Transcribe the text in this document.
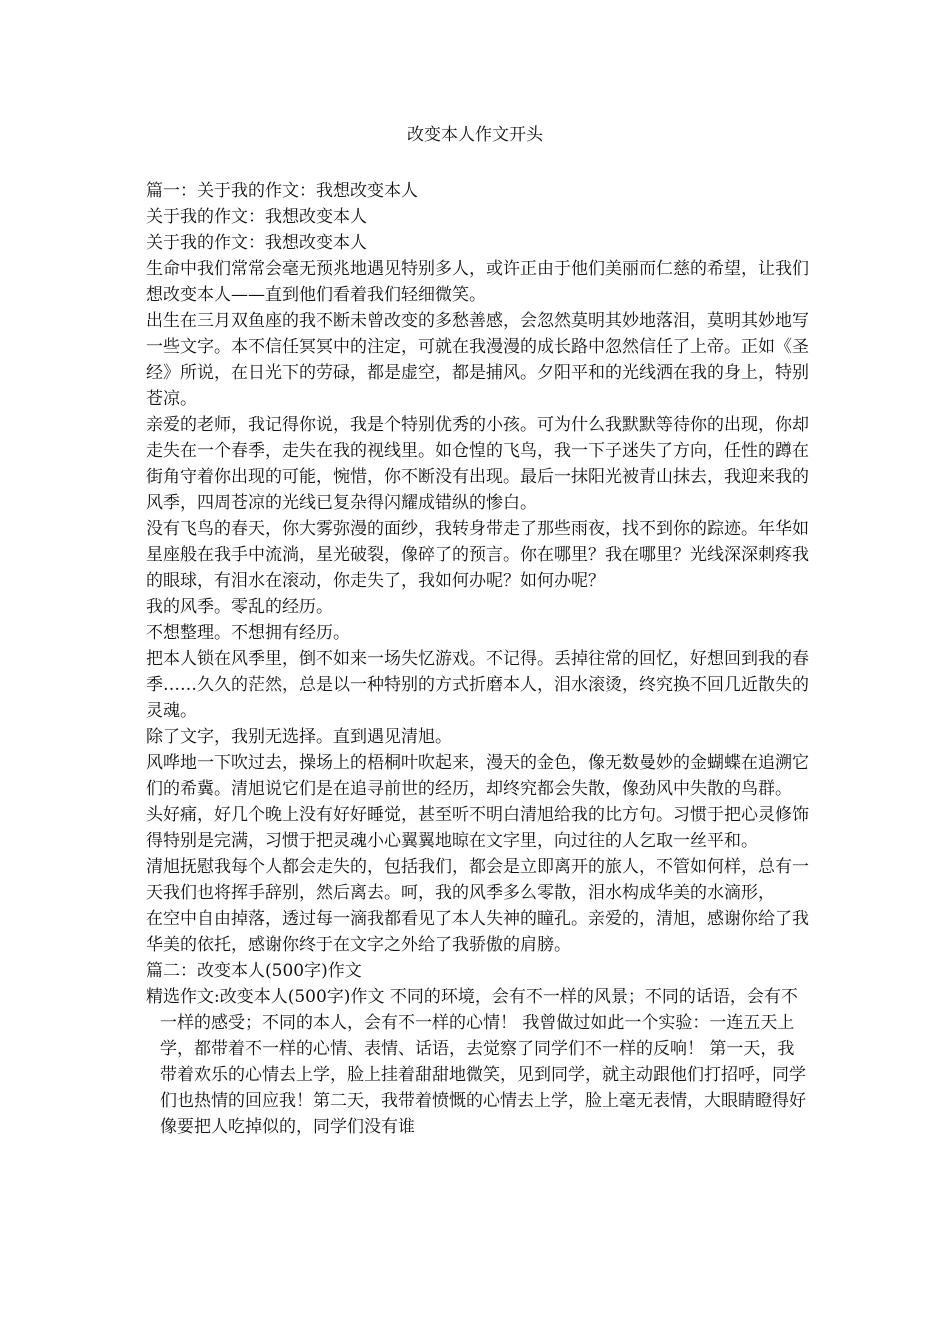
改变本人作文开头

篇一：关于我的作文：我想改变本人

关于我的作文：我想改变本人

关于我的作文：我想改变本人

生命中我们常常会毫无预兆地遇见特别多人，或许正由于他们美丽而仁慈的希望，让我们想改变本人——直到他们看着我们轻细微笑。

出生在三月双鱼座的我不断未曾改变的多愁善感，会忽然莫明其妙地落泪，莫明其妙地写一些文字。本不信任冥冥中的注定，可就在我漫漫的成长路中忽然信任了上帝。正如《圣经》所说，在日光下的劳碌，都是虚空，都是捕风。夕阳平和的光线洒在我的身上，特别苍凉。

亲爱的老师，我记得你说，我是个特别优秀的小孩。可为什么我默默等待你的出现，你却走失在一个春季，走失在我的视线里。如仓惶的飞鸟，我一下子迷失了方向，任性的蹲在街角守着你出现的可能，惋惜，你不断没有出现。最后一抹阳光被青山抹去，我迎来我的风季，四周苍凉的光线已复杂得闪耀成错纵的惨白。

没有飞鸟的春天，你大雾弥漫的面纱，我转身带走了那些雨夜，找不到你的踪迹。年华如星座般在我手中流淌，星光破裂，像碎了的预言。你在哪里？我在哪里？光线深深刺疼我的眼球，有泪水在滚动，你走失了，我如何办呢？如何办呢？

我的风季。零乱的经历。

不想整理。不想拥有经历。

把本人锁在风季里，倒不如来一场失忆游戏。不记得。丢掉往常的回忆，好想回到我的春季……久久的茫然，总是以一种特别的方式折磨本人，泪水滚烫，终究换不回几近散失的灵魂。

除了文字，我别无选择。直到遇见清旭。

风哗地一下吹过去，操场上的梧桐叶吹起来，漫天的金色，像无数曼妙的金蝴蝶在追溯它们的希冀。清旭说它们是在追寻前世的经历，却终究都会失散，像劲风中失散的鸟群。

头好痛，好几个晚上没有好好睡觉，甚至听不明白清旭给我的比方句。习惯于把心灵修饰得特别是完满，习惯于把灵魂小心翼翼地晾在文字里，向过往的人乞取一丝平和。

清旭抚慰我每个人都会走失的，包括我们，都会是立即离开的旅人，不管如何样，总有一天我们也将挥手辞别，然后离去。呵，我的风季多么零散，泪水构成华美的水滴形，

在空中自由掉落，透过每一滴我都看见了本人失神的瞳孔。亲爱的，清旭，感谢你给了我华美的依托，感谢你终于在文字之外给了我骄傲的肩膀。

篇二：改变本人(500字)作文

精选作文:改变本人(500字)作文 不同的环境，会有不一样的风景；不同的话语，会有不一样的感受；不同的本人，会有不一样的心情！ 我曾做过如此一个实验：一连五天上学，都带着不一样的心情、表情、话语，去觉察了同学们不一样的反响！ 第一天，我带着欢乐的心情去上学，脸上挂着甜甜地微笑，见到同学，就主动跟他们打招呼，同学们也热情的回应我！第二天，我带着愤慨的心情去上学，脸上毫无表情，大眼睛瞪得好像要把人吃掉似的，同学们没有谁
